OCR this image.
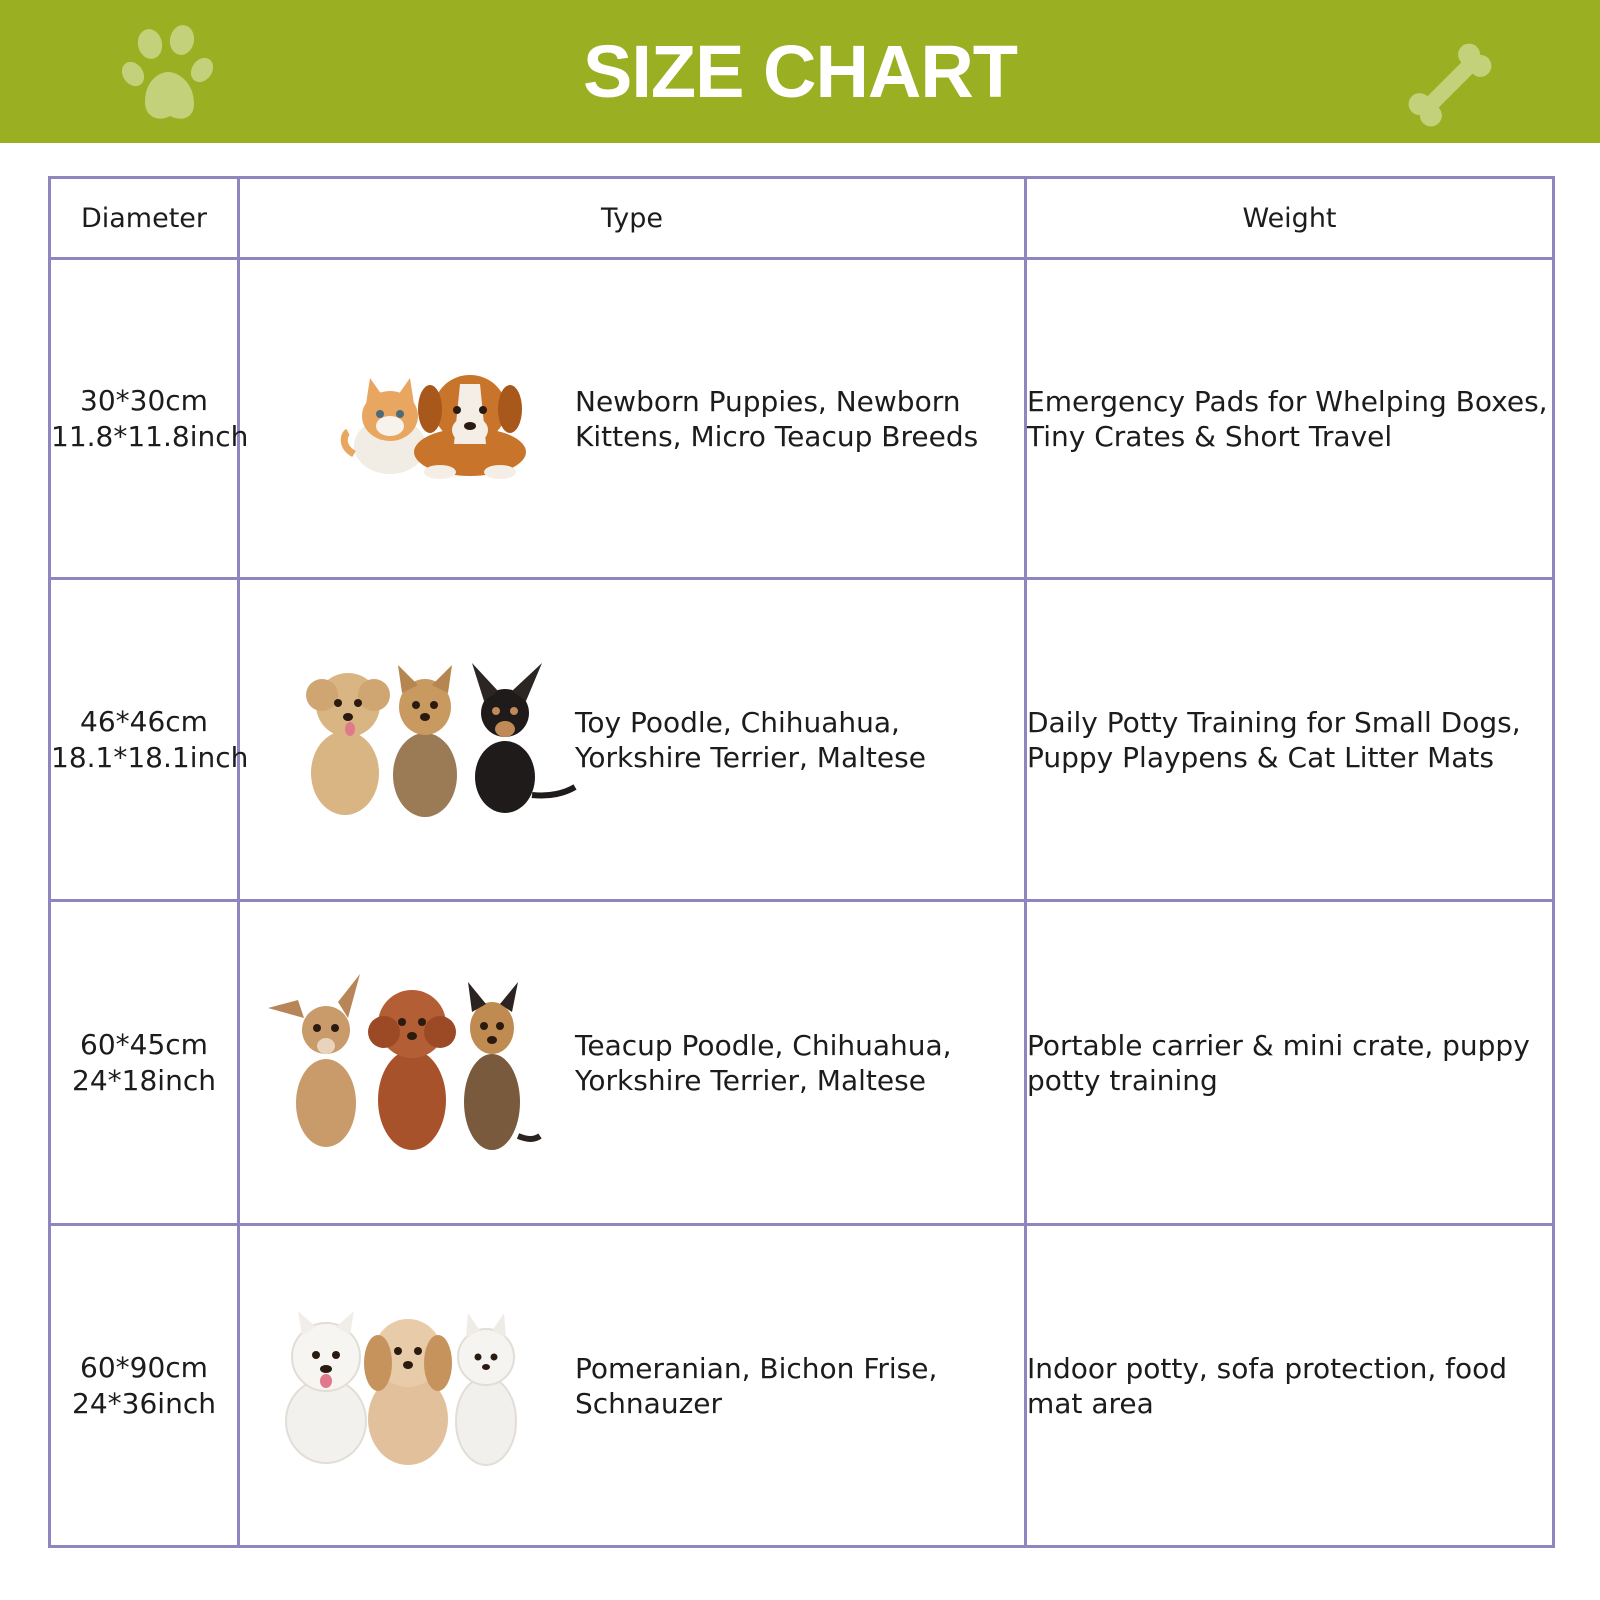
SIZE CHART
Diameter	Type	Weight

30*30cm
11.8*11.8inch	Newborn Puppies, Newborn Kittens, Micro Teacup Breeds	Emergency Pads for Whelping Boxes, Tiny Crates & Short Travel

46*46cm
18.1*18.1inch	Toy Poodle, Chihuahua, Yorkshire Terrier, Maltese	Daily Potty Training for Small Dogs, Puppy Playpens & Cat Litter Mats

60*45cm
24*18inch	Teacup Poodle, Chihuahua, Yorkshire Terrier, Maltese	Portable carrier & mini crate, puppy potty training

60*90cm
24*36inch	Pomeranian, Bichon Frise, Schnauzer	Indoor potty, sofa protection, food mat area
